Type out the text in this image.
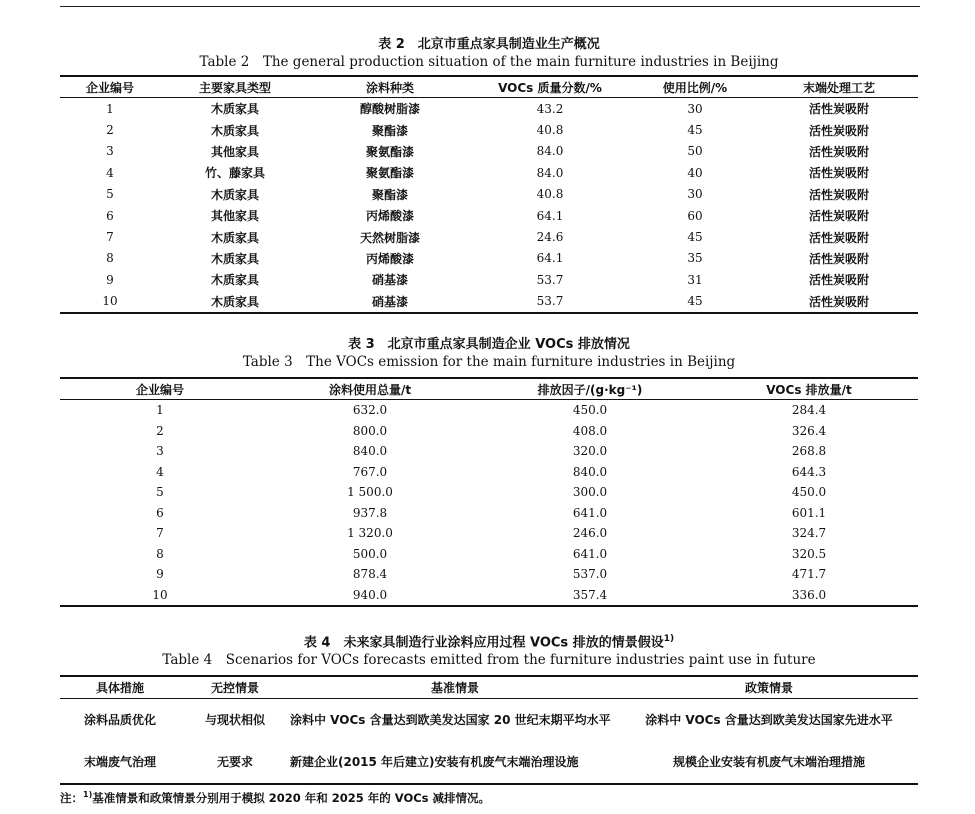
表 2　北京市重点家具制造业生产概况
Table 2　The general production situation of the main furniture industries in Beijing
企业编号	主要家具类型	涂料种类	VOCs 质量分数/%	使用比例/%	末端处理工艺
1	木质家具	醇酸树脂漆	43.2	30	活性炭吸附
2	木质家具	聚酯漆	40.8	45	活性炭吸附
3	其他家具	聚氨酯漆	84.0	50	活性炭吸附
4	竹、藤家具	聚氨酯漆	84.0	40	活性炭吸附
5	木质家具	聚酯漆	40.8	30	活性炭吸附
6	其他家具	丙烯酸漆	64.1	60	活性炭吸附
7	木质家具	天然树脂漆	24.6	45	活性炭吸附
8	木质家具	丙烯酸漆	64.1	35	活性炭吸附
9	木质家具	硝基漆	53.7	31	活性炭吸附
10	木质家具	硝基漆	53.7	45	活性炭吸附
表 3　北京市重点家具制造企业 VOCs 排放情况
Table 3　The VOCs emission for the main furniture industries in Beijing
企业编号	涂料使用总量/t	排放因子/(g·kg⁻¹)	VOCs 排放量/t
1	632.0	450.0	284.4
2	800.0	408.0	326.4
3	840.0	320.0	268.8
4	767.0	840.0	644.3
5	1 500.0	300.0	450.0
6	937.8	641.0	601.1
7	1 320.0	246.0	324.7
8	500.0	641.0	320.5
9	878.4	537.0	471.7
10	940.0	357.4	336.0
表 4　未来家具制造行业涂料应用过程 VOCs 排放的情景假设$^{1)}$
Table 4　Scenarios for VOCs forecasts emitted from the furniture industries paint use in future
具体措施	无控情景	基准情景	政策情景
涂料品质优化	与现状相似	涂料中 VOCs 含量达到欧美发达国家 20 世纪末期平均水平	涂料中 VOCs 含量达到欧美发达国家先进水平
末端废气治理	无要求	新建企业(2015 年后建立)安装有机废气末端治理设施	规模企业安装有机废气末端治理措施
注：$^{1)}$基准情景和政策情景分别用于模拟 2020 年和 2025 年的 VOCs 减排情况。
